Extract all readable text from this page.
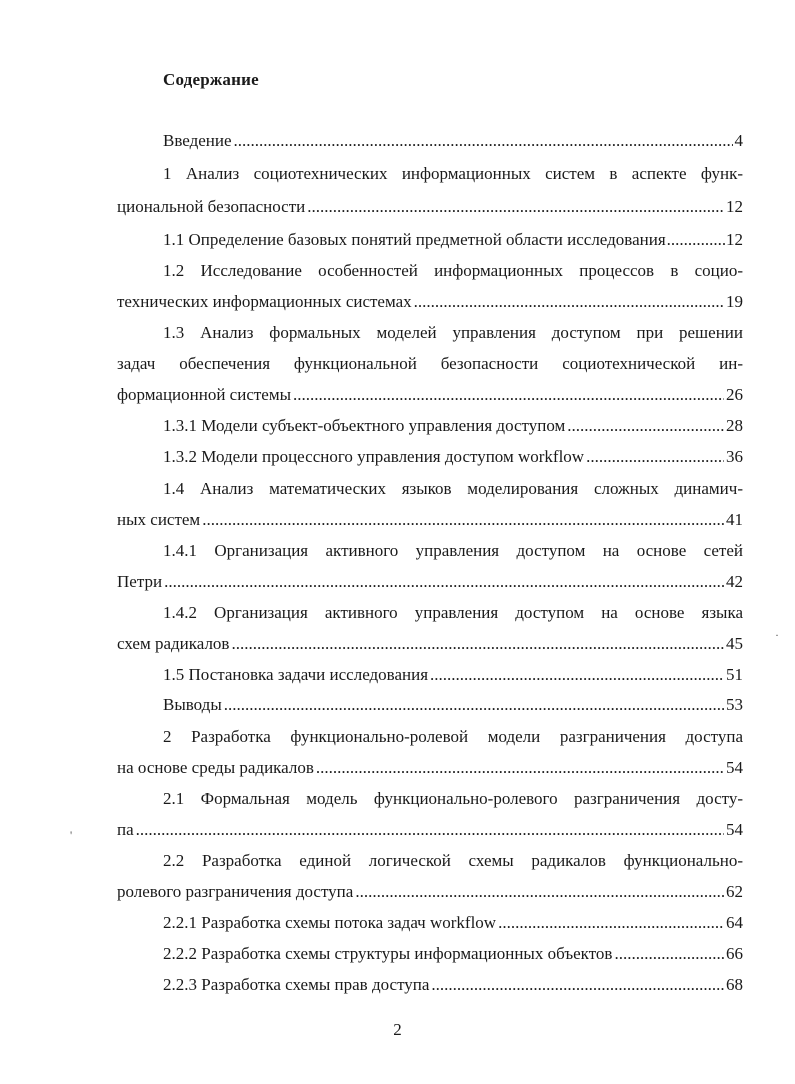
Содержание
Введение .....	4
1 Анализ социотехнических информационных систем в аспекте функ-
циональной безопасности .....	12
1.1 Определение базовых понятий предметной области исследования .....	12
1.2 Исследование особенностей информационных процессов в социо-
технических информационных системах .....	19
1.3 Анализ формальных моделей управления доступом при решении
задач обеспечения функциональной безопасности социотехнической ин-
формационной системы .....	26
1.3.1 Модели субъект-объектного управления доступом .....	28
1.3.2 Модели процессного управления доступом workflow .....	36
1.4 Анализ математических языков моделирования сложных динамич-
ных систем .....	41
1.4.1 Организация активного управления доступом на основе сетей
Петри .....	42
1.4.2 Организация активного управления доступом на основе языка
схем радикалов .....	45
1.5 Постановка задачи исследования .....	51
Выводы .....	53
2 Разработка функционально-ролевой модели разграничения доступа
на основе среды радикалов .....	54
2.1 Формальная модель функционально-ролевого разграничения досту-
па .....	54
2.2 Разработка единой логической схемы радикалов функционально-
ролевого разграничения доступа .....	62
2.2.1 Разработка схемы потока задач workflow .....	64
2.2.2 Разработка схемы структуры информационных объектов .....	66
2.2.3 Разработка схемы прав доступа .....	68
2
'
·
